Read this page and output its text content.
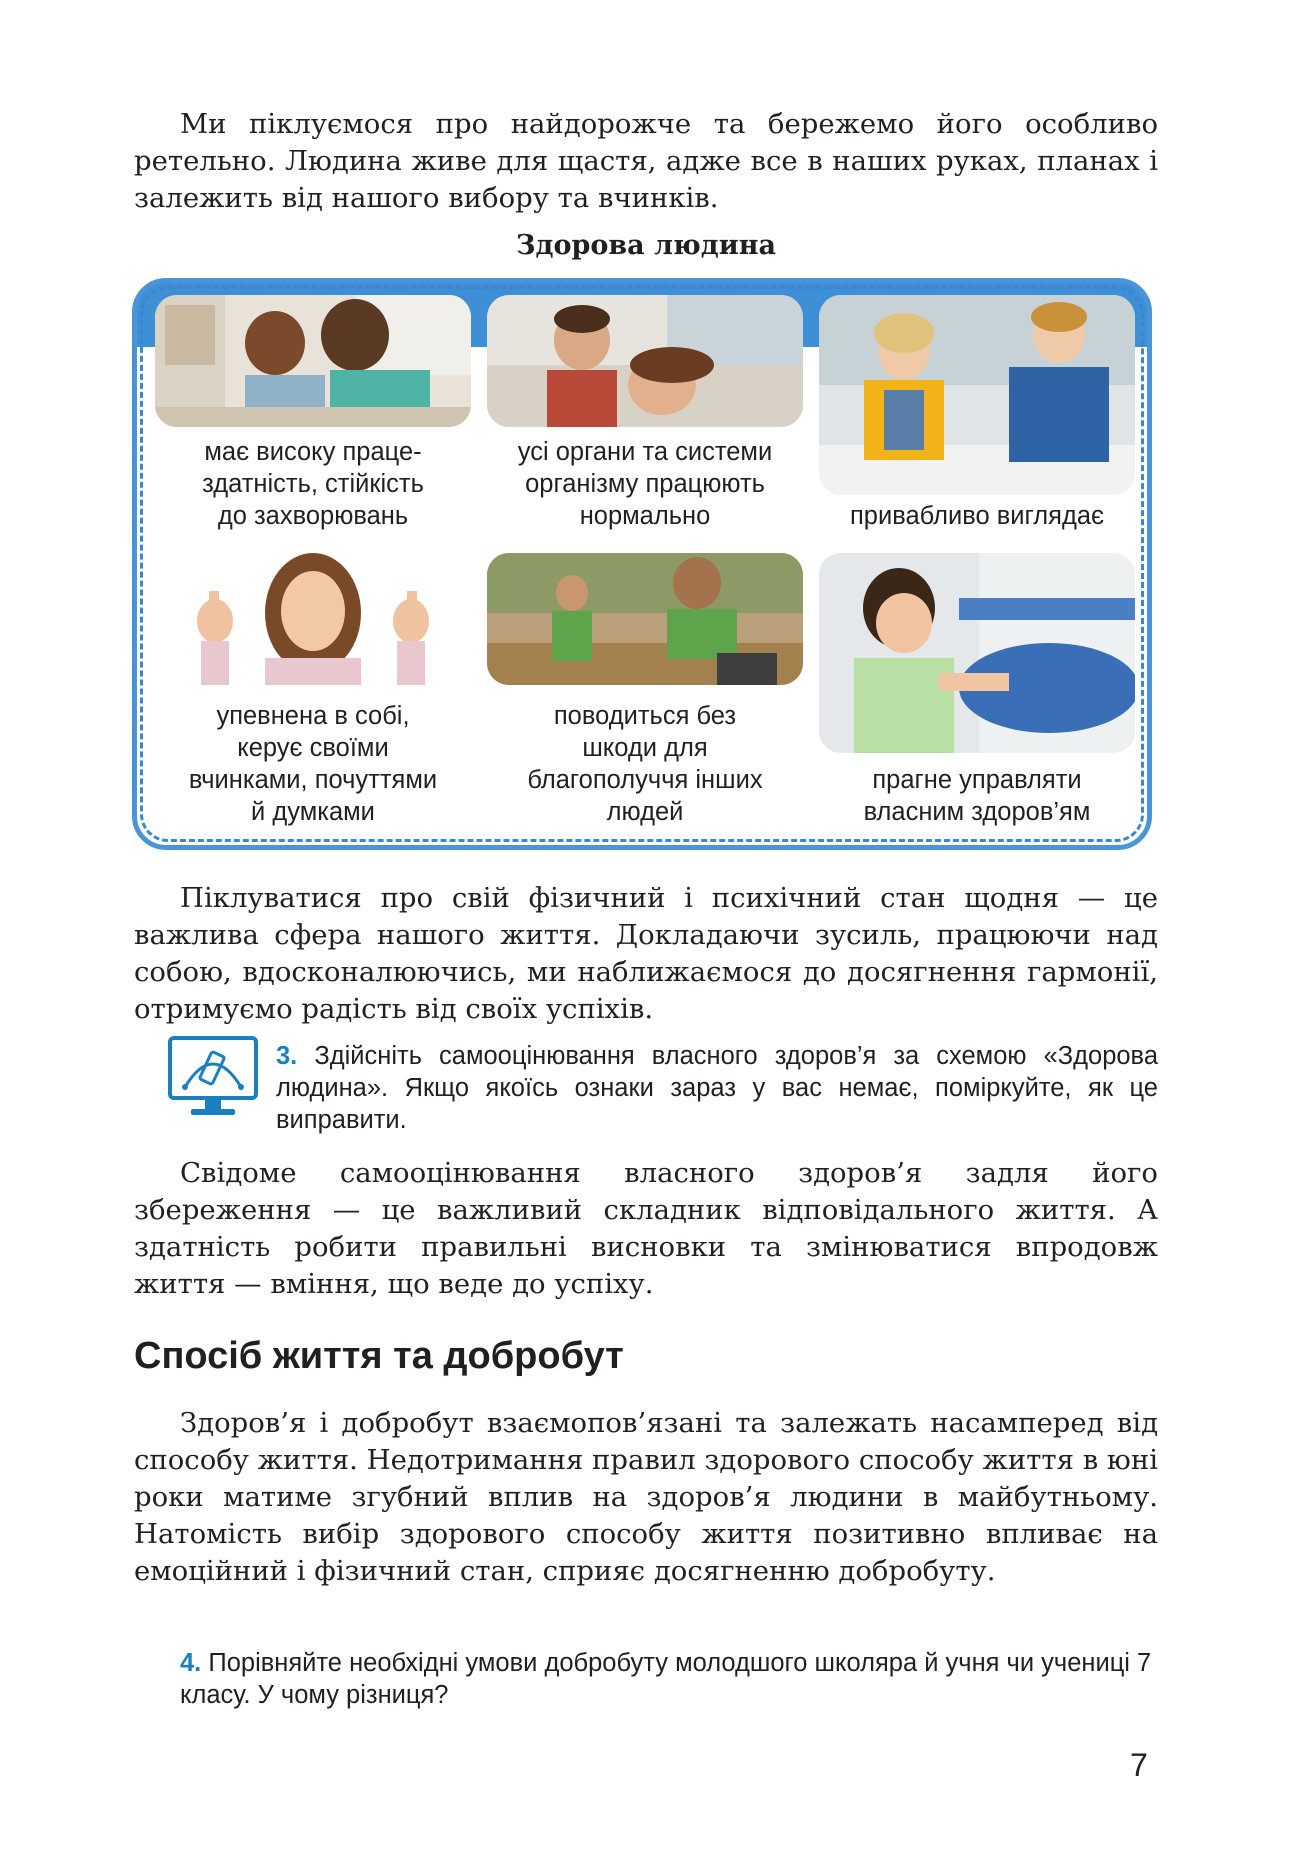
Ми піклуємося про найдорожче та бережемо його особливо ретельно. Людина живе для щастя, адже все в наших руках, планах і залежить від нашого вибору та вчинків.

Здорова людина
має високу праце-
здатність, стійкість
до захворювань
усі органи та системи
організму працюють
нормально	привабливо виглядає
упевнена в собі,
керує своїми
вчинками, почуттями
й думками
поводиться без
шкоди для
благополуччя інших
людей
прагне управляти
власним здоров’ям

Піклуватися про свій фізичний і психічний стан щодня — це важлива сфера нашого життя. Докладаючи зусиль, працюючи над собою, вдосконалюючись, ми наближаємося до досягнення гармонії, отримуємо радість від своїх успіхів.

3. Здійсніть самооцінювання власного здоров’я за схемою «Здорова людина». Якщо якоїсь ознаки зараз у вас немає, поміркуйте, як це виправити.

Свідоме самооцінювання власного здоров’я задля його збереження — це важливий складник відповідального життя. А здатність робити правильні висновки та змінюватися впродовж життя — вміння, що веде до успіху.

Спосіб життя та добробут

Здоров’я і добробут взаємопов’язані та залежать насамперед від способу життя. Недотримання правил здорового способу життя в юні роки матиме згубний вплив на здоров’я людини в майбутньому. Натомість вибір здорового способу життя позитивно впливає на емоційний і фізичний стан, сприяє досягненню добробуту.

4. Порівняйте необхідні умови добробуту молодшого школяра й учня чи учениці 7 класу. У чому різниця?
7
